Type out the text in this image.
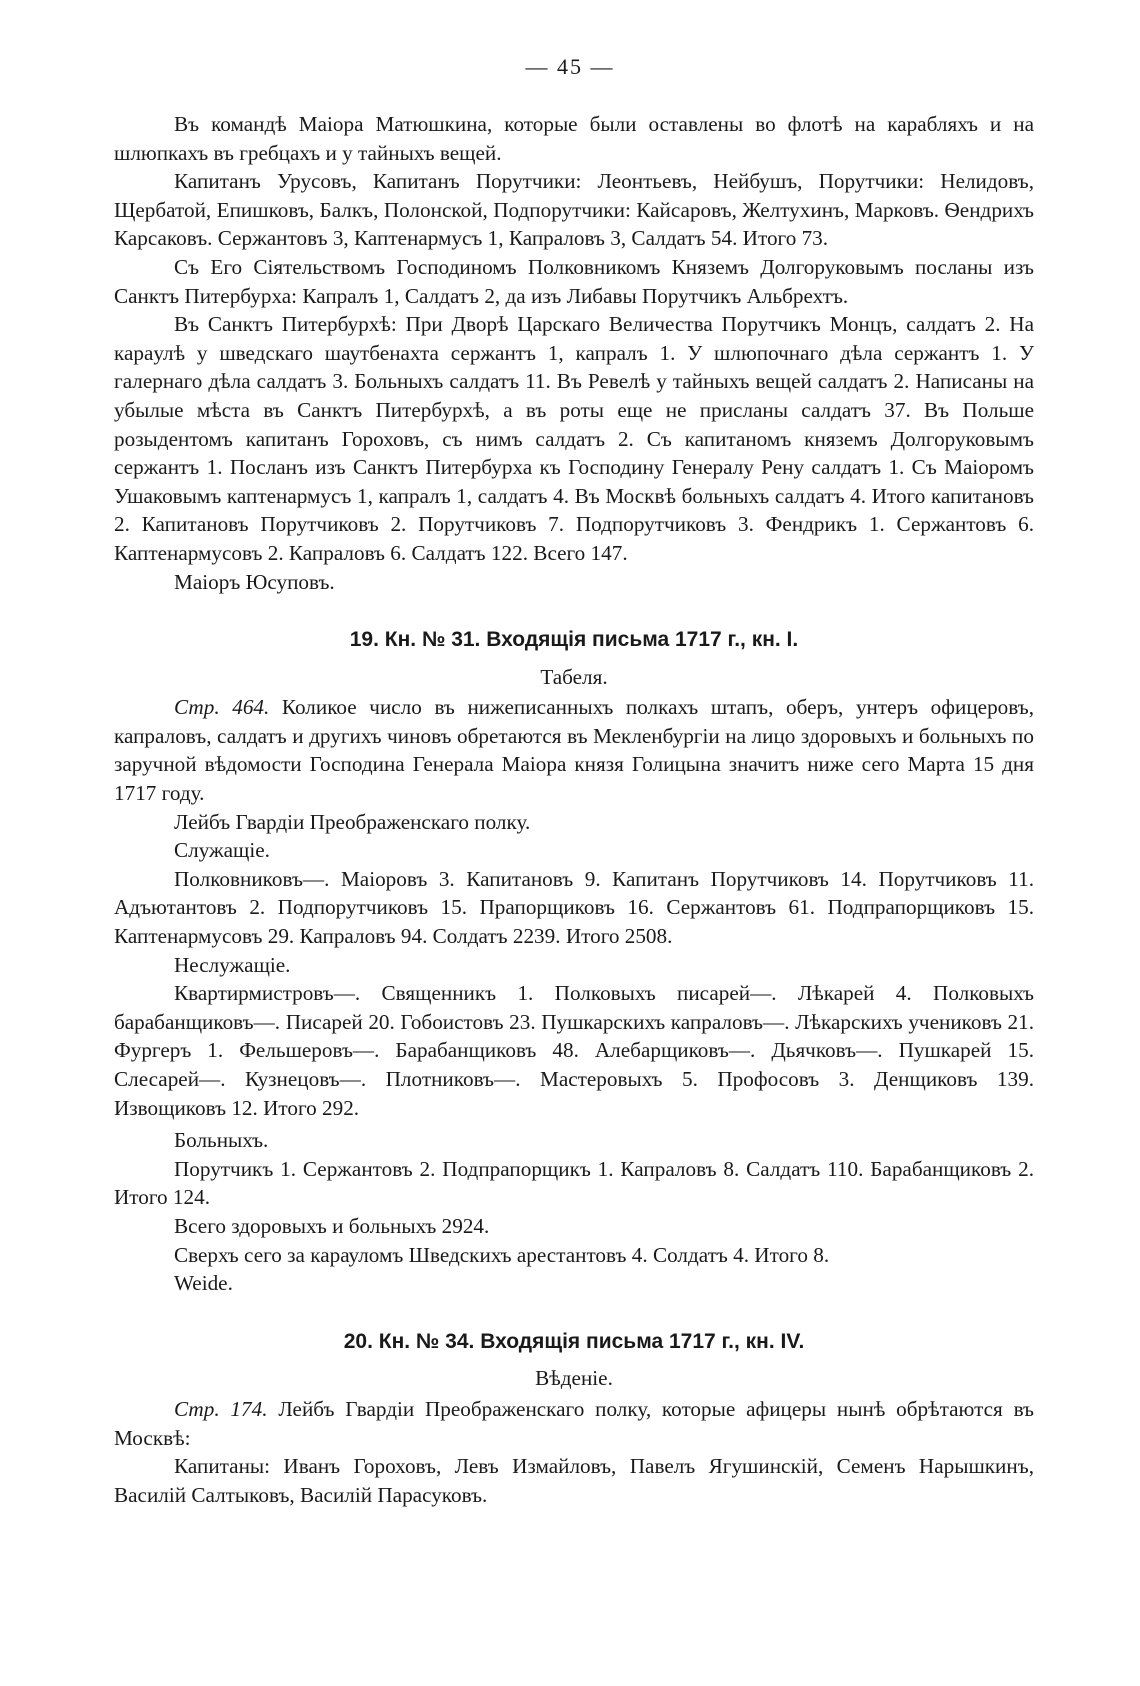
— 45 —

Въ командѣ Маіора Матюшкина, которые были оставлены во флотѣ на карабляхъ и на шлюпкахъ въ гребцахъ и у тайныхъ вещей.

Капитанъ Урусовъ, Капитанъ Порутчики: Леонтьевъ, Нейбушъ, Порутчики: Нелидовъ, Щербатой, Епишковъ, Балкъ, Полонской, Подпорутчики: Кайсаровъ, Желтухинъ, Марковъ. Ѳендрихъ Карсаковъ. Сержантовъ 3, Каптенармусъ 1, Капраловъ 3, Салдатъ 54. Итого 73.

Съ Его Сіятельствомъ Господиномъ Полковникомъ Княземъ Долгоруковымъ посланы изъ Санктъ Питербурха: Капралъ 1, Салдатъ 2, да изъ Либавы Порутчикъ Альбрехтъ.

Въ Санктъ Питербурхѣ: При Дворѣ Царскаго Величества Порутчикъ Монцъ, салдатъ 2. На карaулѣ у шведскаго шаутбенахта сержантъ 1, капралъ 1. У шлюпочнаго дѣла сержантъ 1. У галернаго дѣла салдатъ 3. Больныхъ салдатъ 11. Въ Ревелѣ у тайныхъ вещей салдатъ 2. Написаны на убылые мѣста въ Санктъ Питербурхѣ, а въ роты еще не присланы салдатъ 37. Въ Польше розыдентомъ капитанъ Гороховъ, съ нимъ салдатъ 2. Съ капитаномъ княземъ Долгоруковымъ сержантъ 1. Посланъ изъ Санктъ Питербурха къ Господину Генералу Рену салдатъ 1. Съ Маіоромъ Ушаковымъ каптенармусъ 1, капралъ 1, салдатъ 4. Въ Москвѣ больныхъ салдатъ 4. Итого капитановъ 2. Капитановъ Порутчиковъ 2. Порутчиковъ 7. Подпорутчиковъ 3. Фендрикъ 1. Сержантовъ 6. Каптенармусовъ 2. Капраловъ 6. Салдатъ 122. Всего 147.

Маіоръ Юсуповъ.

19. Кн. № 31. Входящія письма 1717 г., кн. I.
Табеля.

Стр. 464. Коликое число въ нижеписанныхъ полкахъ штапъ, оберъ, унтеръ офицеровъ, капраловъ, салдатъ и другихъ чиновъ обретаются въ Мекленбургіи на лицо здоровыхъ и больныхъ по заручной вѣдомости Господина Генерала Маіора князя Голицына значитъ ниже сего Марта 15 дня 1717 году.

Лейбъ Гвардіи Преображенскаго полку.

Служащіе.

Полковниковъ—. Маіоровъ 3. Капитановъ 9. Капитанъ Порутчиковъ 14. Порутчиковъ 11. Адъютантовъ 2. Подпорутчиковъ 15. Прапорщиковъ 16. Сержантовъ 61. Подпрапорщиковъ 15. Каптенармусовъ 29. Капраловъ 94. Солдатъ 2239. Итого 2508.

Неслужащіе.

Квартирмистровъ—. Священникъ 1. Полковыхъ писарей—. Лѣкарей 4. Полковыхъ барабанщиковъ—. Писарей 20. Гобоистовъ 23. Пушкарскихъ капраловъ—. Лѣкарскихъ учениковъ 21. Фургеръ 1. Фельшеровъ—. Барабанщиковъ 48. Алебарщиковъ—. Дьячковъ—. Пушкарей 15. Слесарей—. Кузнецовъ—. Плотниковъ—. Мастеровыхъ 5. Профосовъ 3. Денщиковъ 139. Извощиковъ 12. Итого 292.

Больныхъ.

Порутчикъ 1. Сержантовъ 2. Подпрапорщикъ 1. Капраловъ 8. Салдатъ 110. Барабанщиковъ 2. Итого 124.

Всего здоровыхъ и больныхъ 2924.

Сверхъ сего за карауломъ Шведскихъ арестантовъ 4. Солдатъ 4. Итого 8.

Weide.

20. Кн. № 34. Входящія письма 1717 г., кн. IV.
Вѣденіе.

Стр. 174. Лейбъ Гвардіи Преображенскаго полку, которые афицеры нынѣ обрѣтаются въ Москвѣ:

Капитаны: Иванъ Гороховъ, Левъ Измайловъ, Павелъ Ягушинскій, Семенъ Нарышкинъ, Василій Салтыковъ, Василій Парасуковъ.
